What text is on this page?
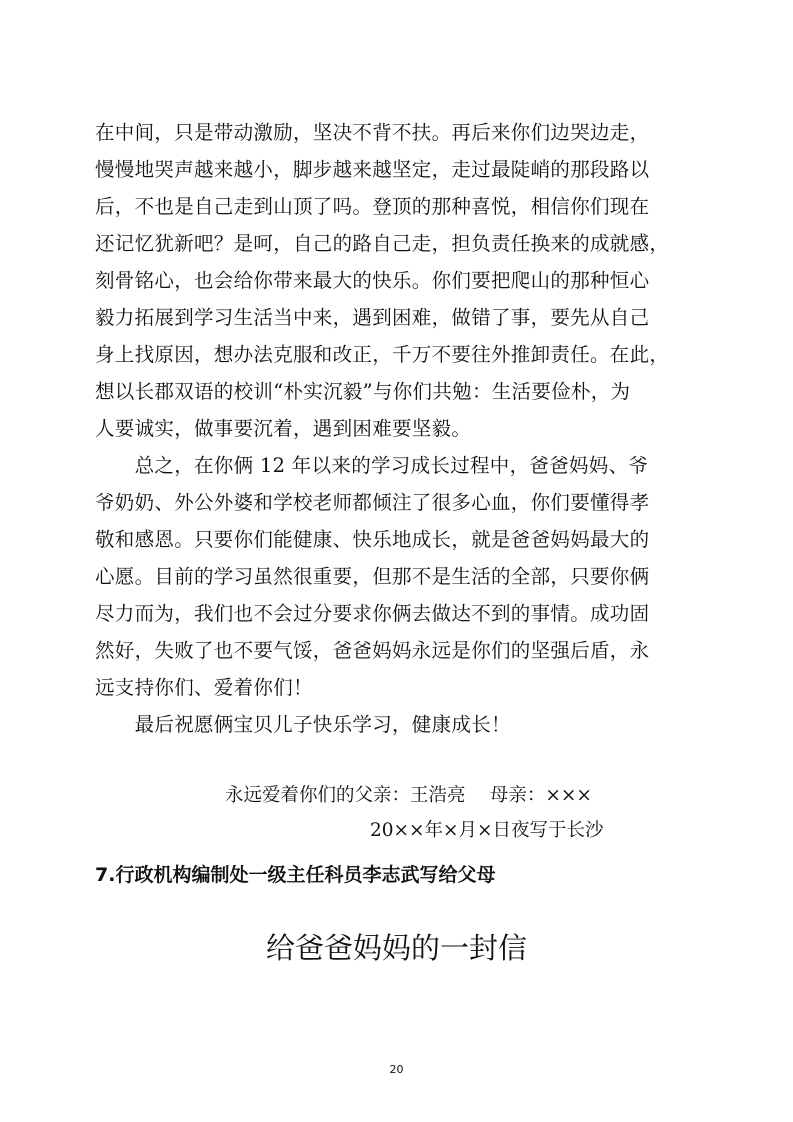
在中间，只是带动激励，坚决不背不扶。再后来你们边哭边走，
慢慢地哭声越来越小，脚步越来越坚定，走过最陡峭的那段路以
后，不也是自己走到山顶了吗。登顶的那种喜悦，相信你们现在
还记忆犹新吧？是呵，自己的路自己走，担负责任换来的成就感，
刻骨铭心，也会给你带来最大的快乐。你们要把爬山的那种恒心
毅力拓展到学习生活当中来，遇到困难，做错了事，要先从自己
身上找原因，想办法克服和改正，千万不要往外推卸责任。在此，
想以长郡双语的校训“朴实沉毅”与你们共勉：生活要俭朴，为
人要诚实，做事要沉着，遇到困难要坚毅。
　　总之，在你俩 12 年以来的学习成长过程中，爸爸妈妈、爷
爷奶奶、外公外婆和学校老师都倾注了很多心血，你们要懂得孝
敬和感恩。只要你们能健康、快乐地成长，就是爸爸妈妈最大的
心愿。目前的学习虽然很重要，但那不是生活的全部，只要你俩
尽力而为，我们也不会过分要求你俩去做达不到的事情。成功固
然好，失败了也不要气馁，爸爸妈妈永远是你们的坚强后盾，永
远支持你们、爱着你们！
　　最后祝愿俩宝贝儿子快乐学习，健康成长！
永远爱着你们的父亲：王浩亮　 母亲：×××
20××年×月×日夜写于长沙
7.行政机构编制处一级主任科员李志武写给父母
给爸爸妈妈的一封信
20
